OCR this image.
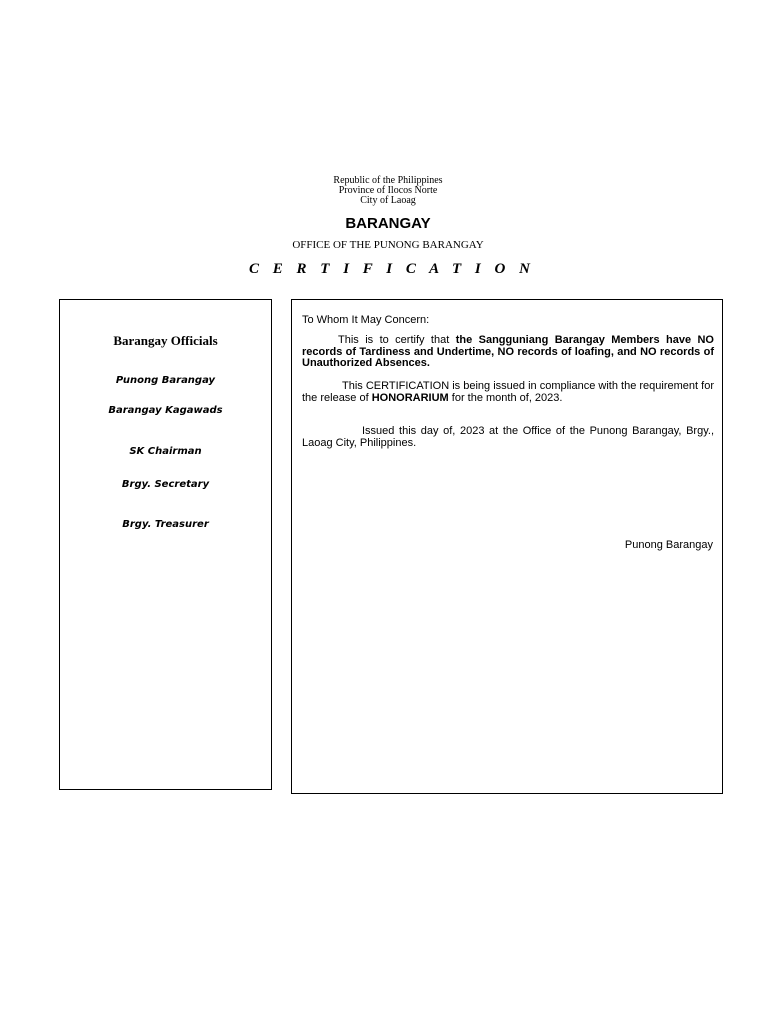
Republic of the Philippines
Province of Ilocos Norte
City of Laoag
BARANGAY
OFFICE OF THE PUNONG BARANGAY
C E R T I F I C A T I O N
Barangay Officials
Punong Barangay
Barangay Kagawads
SK Chairman
Brgy. Secretary
Brgy. Treasurer
To Whom It May Concern:
This is to certify that the Sangguniang Barangay Members have NO records of Tardiness and Undertime, NO records of loafing, and NO records of Unauthorized Absences.
This CERTIFICATION is being issued in compliance with the requirement for the release of HONORARIUM for the month of, 2023.
Issued this day of, 2023 at the Office of the Punong Barangay, Brgy., Laoag City, Philippines.
Punong Barangay
